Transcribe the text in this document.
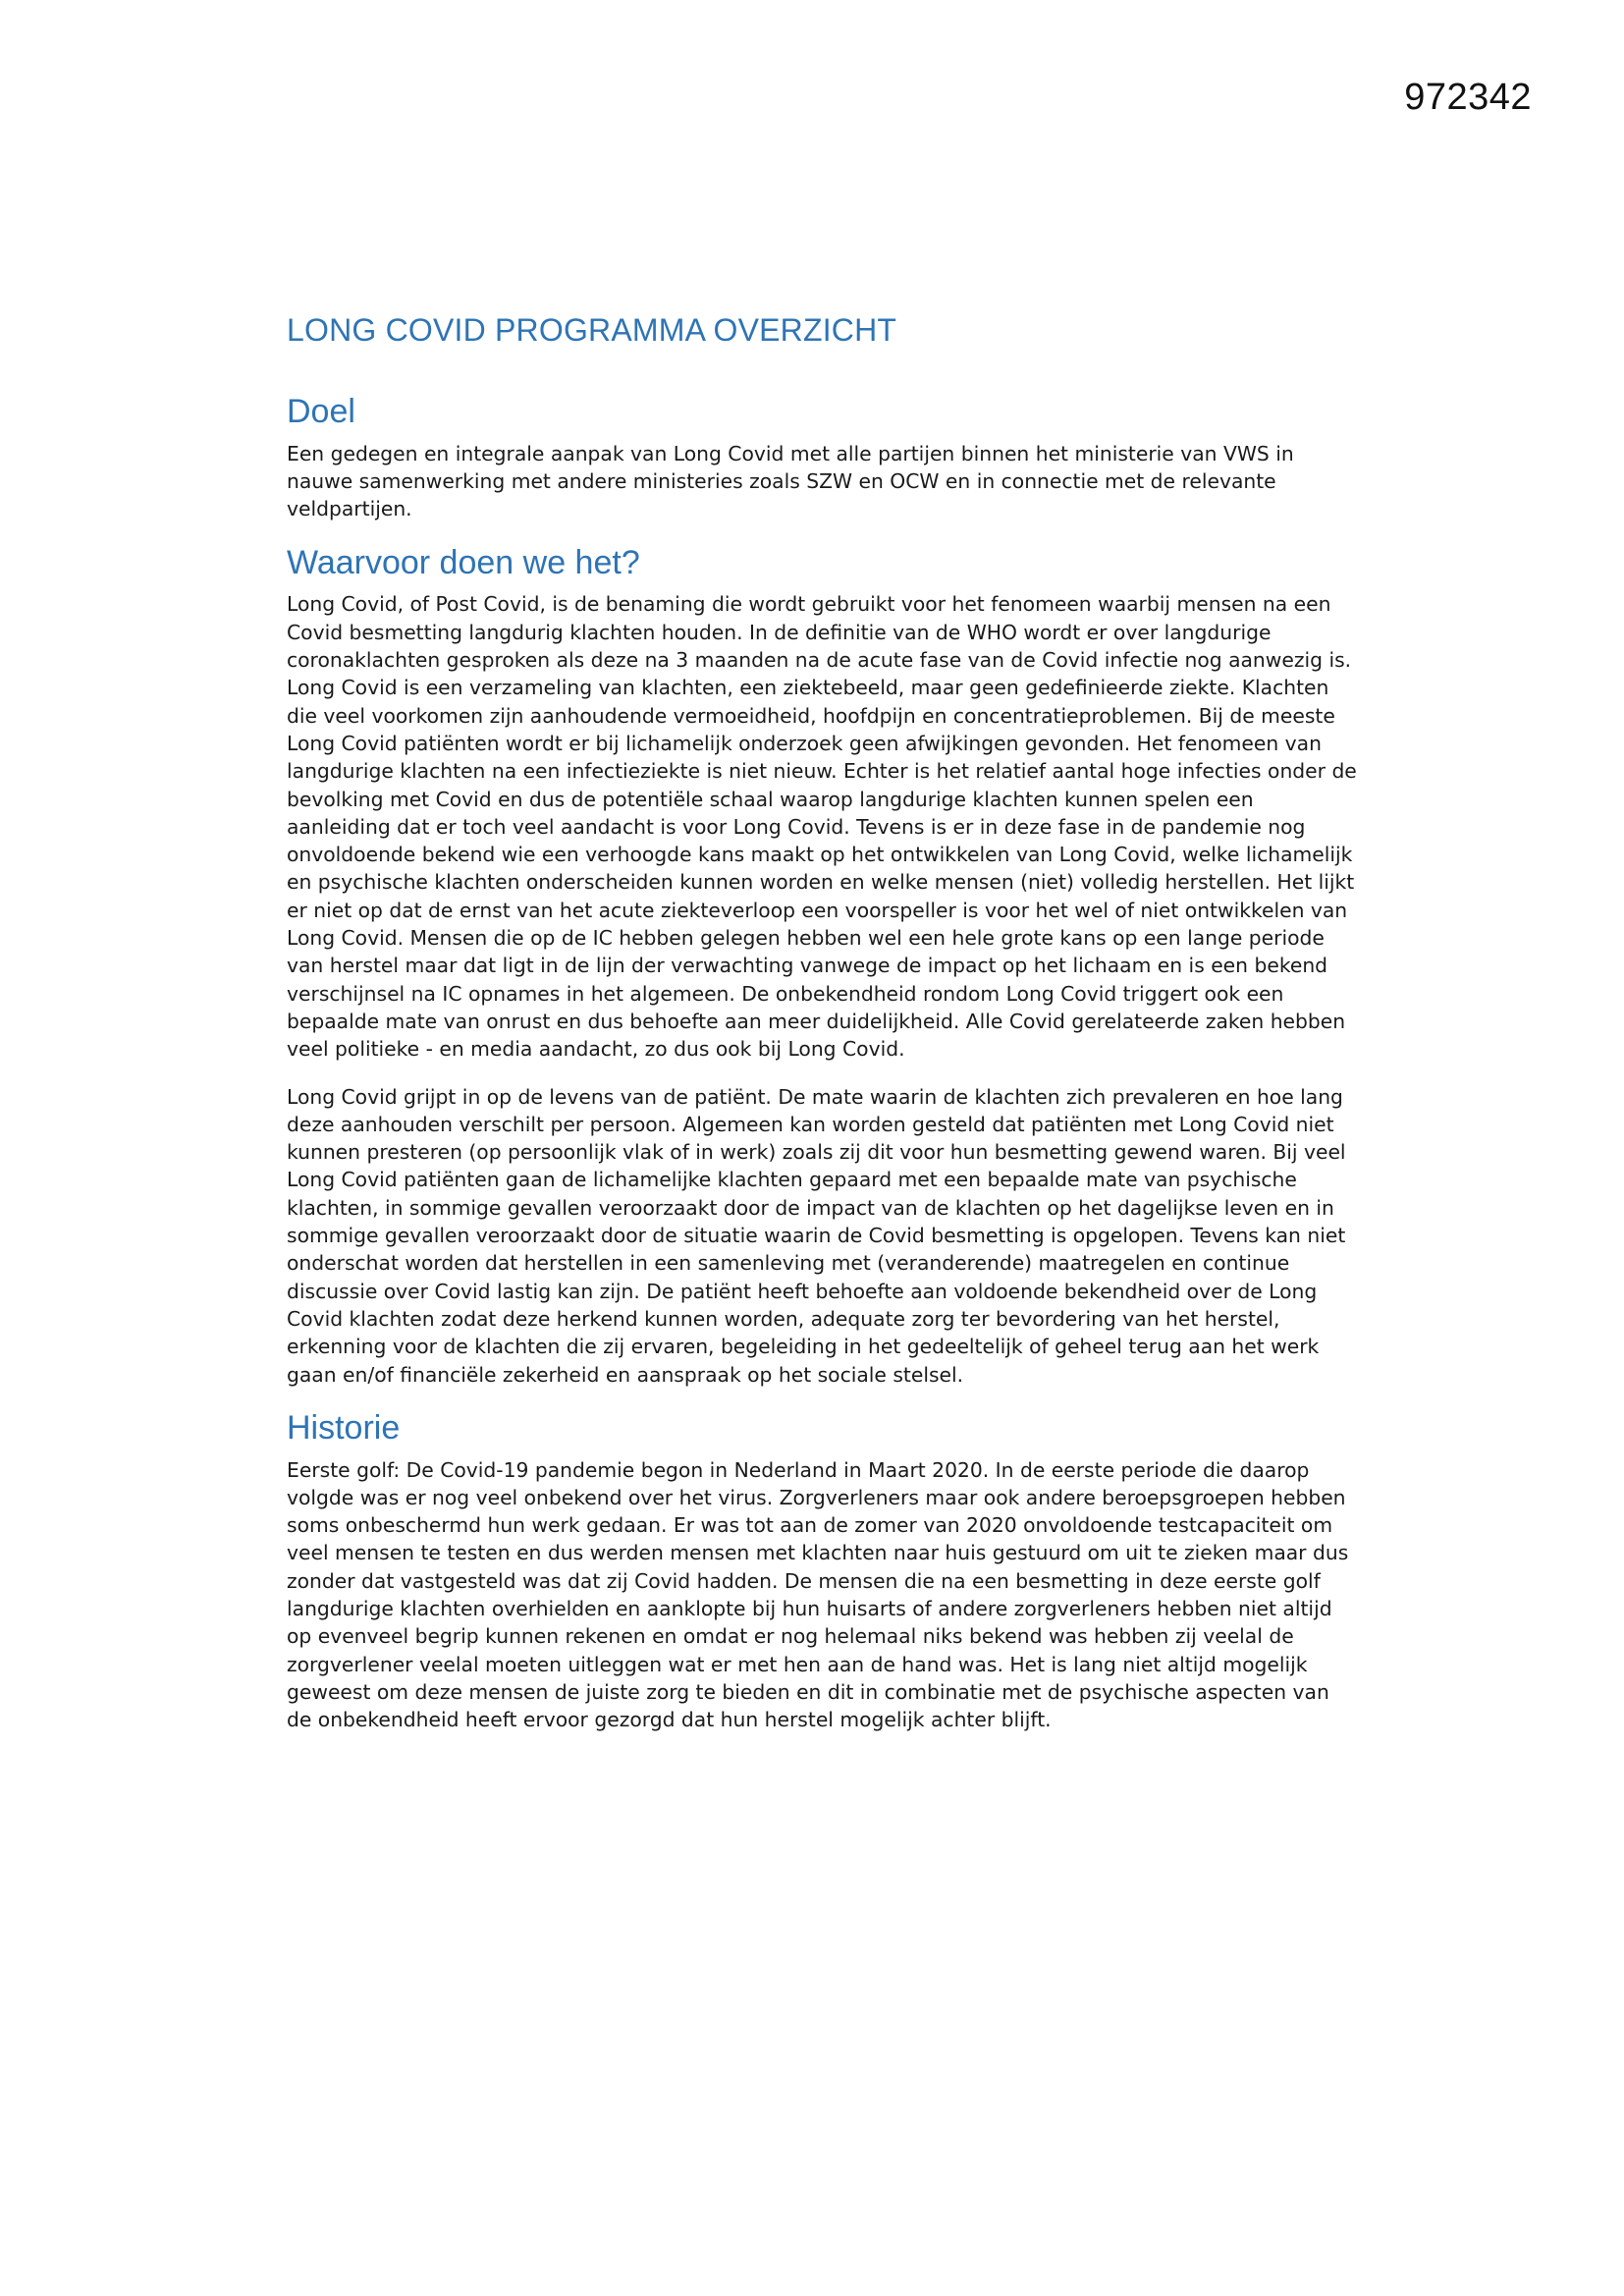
972342
LONG COVID PROGRAMMA OVERZICHT
Doel

Een gedegen en integrale aanpak van Long Covid met alle partijen binnen het ministerie van VWS in nauwe samenwerking met andere ministeries zoals SZW en OCW en in connectie met de relevante veldpartijen.

Waarvoor doen we het?

Long Covid, of Post Covid, is de benaming die wordt gebruikt voor het fenomeen waarbij mensen na een Covid besmetting langdurig klachten houden. In de definitie van de WHO wordt er over langdurige coronaklachten gesproken als deze na 3 maanden na de acute fase van de Covid infectie nog aanwezig is. Long Covid is een verzameling van klachten, een ziektebeeld, maar geen gedefinieerde ziekte. Klachten die veel voorkomen zijn aanhoudende vermoeidheid, hoofdpijn en concentratieproblemen. Bij de meeste Long Covid patiënten wordt er bij lichamelijk onderzoek geen afwijkingen gevonden. Het fenomeen van langdurige klachten na een infectieziekte is niet nieuw. Echter is het relatief aantal hoge infecties onder de bevolking met Covid en dus de potentiële schaal waarop langdurige klachten kunnen spelen een aanleiding dat er toch veel aandacht is voor Long Covid. Tevens is er in deze fase in de pandemie nog onvoldoende bekend wie een verhoogde kans maakt op het ontwikkelen van Long Covid, welke lichamelijk en psychische klachten onderscheiden kunnen worden en welke mensen (niet) volledig herstellen. Het lijkt er niet op dat de ernst van het acute ziekteverloop een voorspeller is voor het wel of niet ontwikkelen van Long Covid. Mensen die op de IC hebben gelegen hebben wel een hele grote kans op een lange periode van herstel maar dat ligt in de lijn der verwachting vanwege de impact op het lichaam en is een bekend verschijnsel na IC opnames in het algemeen. De onbekendheid rondom Long Covid triggert ook een bepaalde mate van onrust en dus behoefte aan meer duidelijkheid. Alle Covid gerelateerde zaken hebben veel politieke - en media aandacht, zo dus ook bij Long Covid.

Long Covid grijpt in op de levens van de patiënt. De mate waarin de klachten zich prevaleren en hoe lang deze aanhouden verschilt per persoon. Algemeen kan worden gesteld dat patiënten met Long Covid niet kunnen presteren (op persoonlijk vlak of in werk) zoals zij dit voor hun besmetting gewend waren. Bij veel Long Covid patiënten gaan de lichamelijke klachten gepaard met een bepaalde mate van psychische klachten, in sommige gevallen veroorzaakt door de impact van de klachten op het dagelijkse leven en in sommige gevallen veroorzaakt door de situatie waarin de Covid besmetting is opgelopen. Tevens kan niet onderschat worden dat herstellen in een samenleving met (veranderende) maatregelen en continue discussie over Covid lastig kan zijn. De patiënt heeft behoefte aan voldoende bekendheid over de Long Covid klachten zodat deze herkend kunnen worden, adequate zorg ter bevordering van het herstel, erkenning voor de klachten die zij ervaren, begeleiding in het gedeeltelijk of geheel terug aan het werk gaan en/of financiële zekerheid en aanspraak op het sociale stelsel.

Historie

Eerste golf: De Covid-19 pandemie begon in Nederland in Maart 2020. In de eerste periode die daarop volgde was er nog veel onbekend over het virus. Zorgverleners maar ook andere beroepsgroepen hebben soms onbeschermd hun werk gedaan. Er was tot aan de zomer van 2020 onvoldoende testcapaciteit om veel mensen te testen en dus werden mensen met klachten naar huis gestuurd om uit te zieken maar dus zonder dat vastgesteld was dat zij Covid hadden. De mensen die na een besmetting in deze eerste golf langdurige klachten overhielden en aanklopte bij hun huisarts of andere zorgverleners hebben niet altijd op evenveel begrip kunnen rekenen en omdat er nog helemaal niks bekend was hebben zij veelal de zorgverlener veelal moeten uitleggen wat er met hen aan de hand was. Het is lang niet altijd mogelijk geweest om deze mensen de juiste zorg te bieden en dit in combinatie met de psychische aspecten van de onbekendheid heeft ervoor gezorgd dat hun herstel mogelijk achter blijft.
